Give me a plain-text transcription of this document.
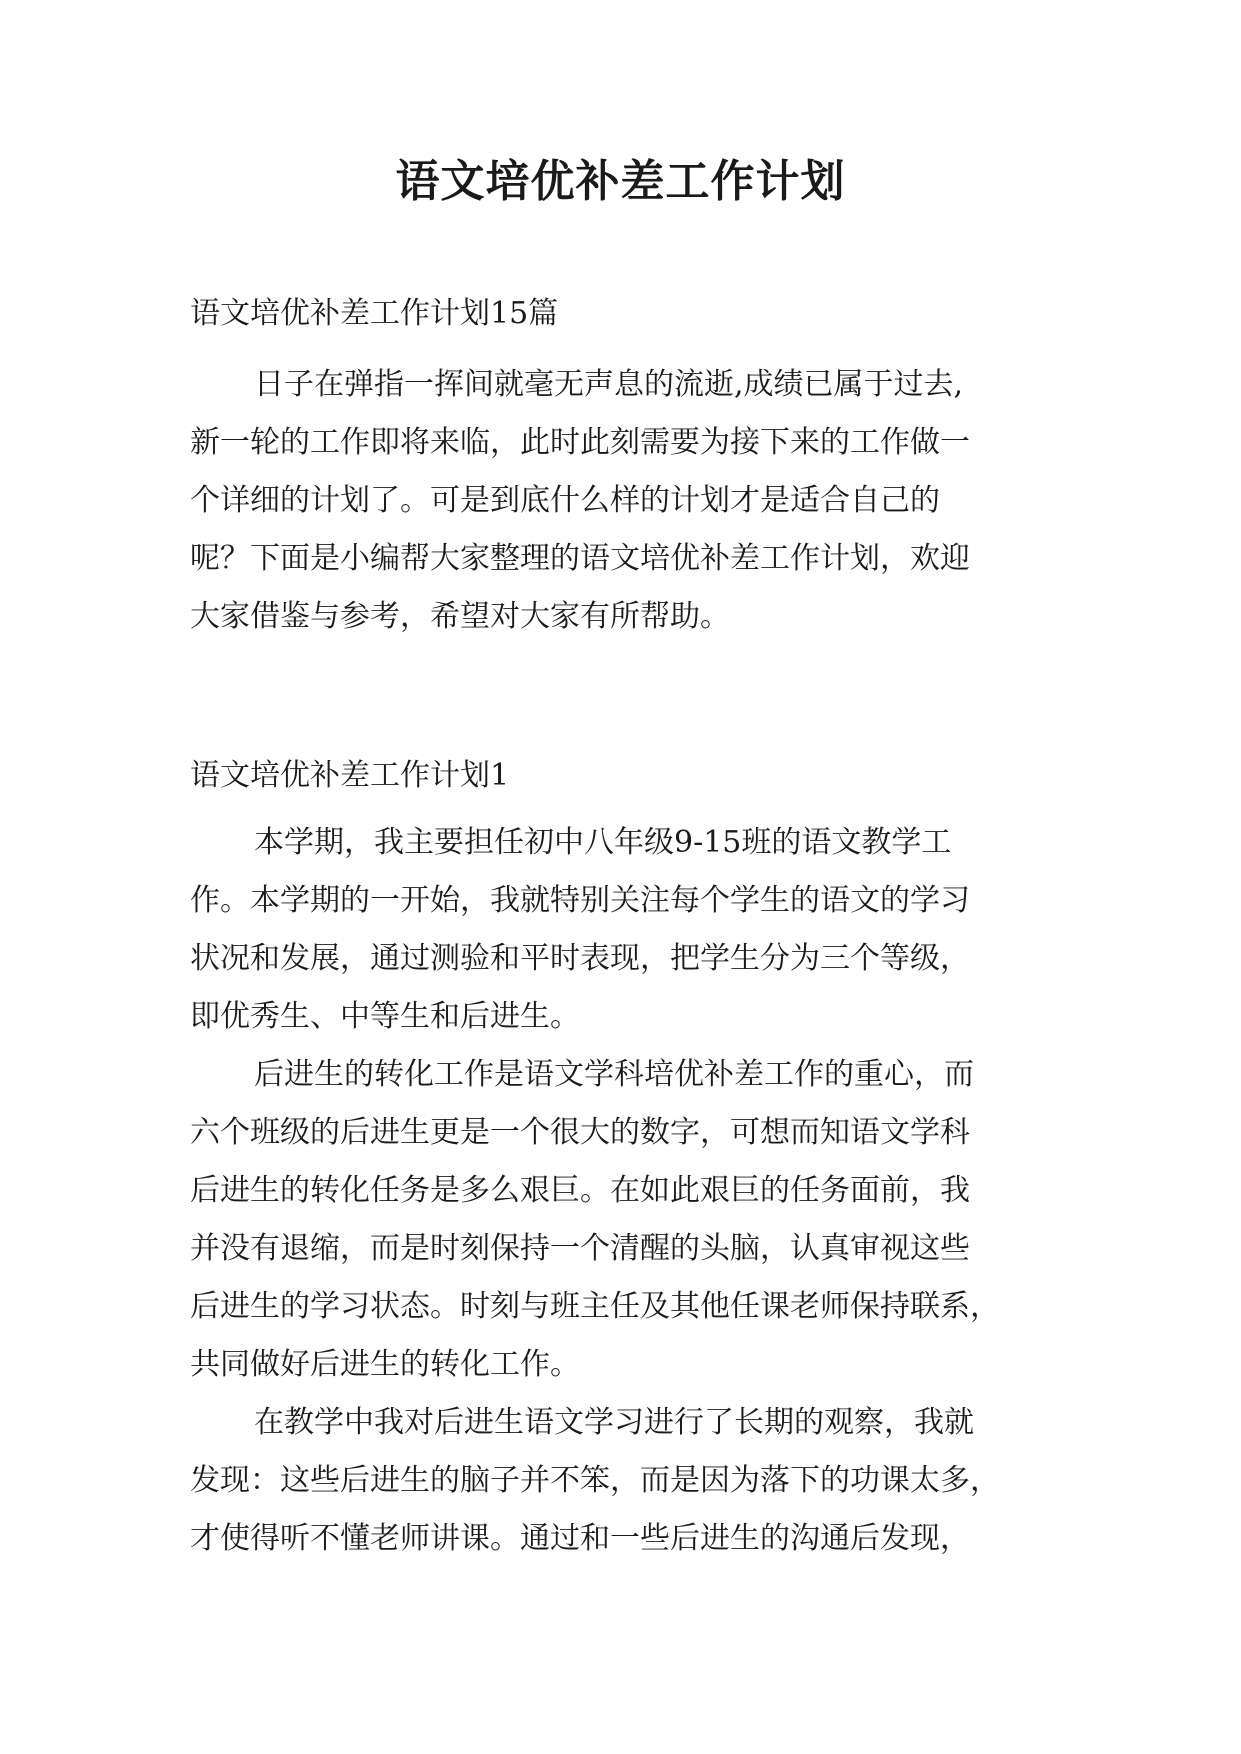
语文培优补差工作计划

语文培优补差工作计划15篇

日子在弹指一挥间就毫无声息的流逝,成绩已属于过去,
新一轮的工作即将来临，此时此刻需要为接下来的工作做一
个详细的计划了。可是到底什么样的计划才是适合自己的
呢？下面是小编帮大家整理的语文培优补差工作计划，欢迎
大家借鉴与参考，希望对大家有所帮助。

语文培优补差工作计划1

本学期，我主要担任初中八年级9-15班的语文教学工
作。本学期的一开始，我就特别关注每个学生的语文的学习
状况和发展，通过测验和平时表现，把学生分为三个等级，
即优秀生、中等生和后进生。
后进生的转化工作是语文学科培优补差工作的重心，而
六个班级的后进生更是一个很大的数字，可想而知语文学科
后进生的转化任务是多么艰巨。在如此艰巨的任务面前，我
并没有退缩，而是时刻保持一个清醒的头脑，认真审视这些
后进生的学习状态。时刻与班主任及其他任课老师保持联系，
共同做好后进生的转化工作。
在教学中我对后进生语文学习进行了长期的观察，我就
发现：这些后进生的脑子并不笨，而是因为落下的功课太多，
才使得听不懂老师讲课。通过和一些后进生的沟通后发现，
